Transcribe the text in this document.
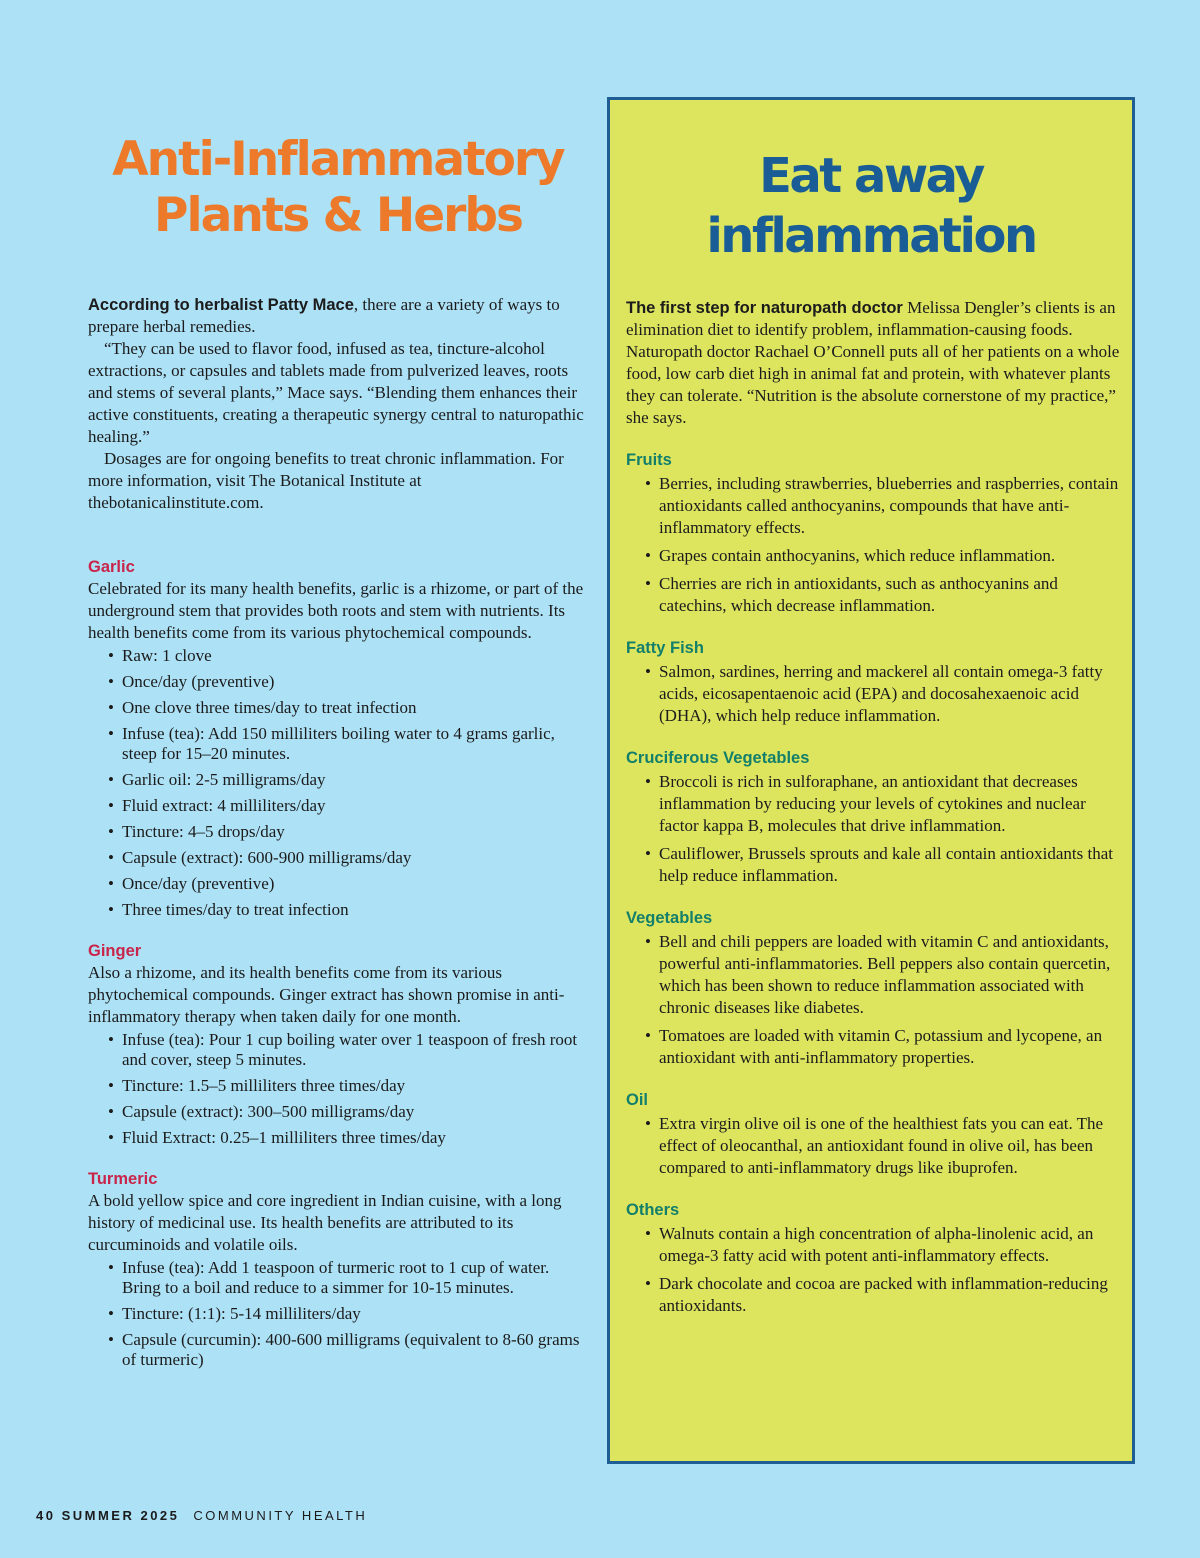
Anti-Inflammatory
Plants & Herbs

According to herbalist Patty Mace, there are a variety of ways to prepare herbal remedies.

“They can be used to flavor food, infused as tea, tincture-alcohol extractions, or capsules and tablets made from pulverized leaves, roots and stems of several plants,” Mace says. “Blending them enhances their active constituents, creating a therapeutic synergy central to naturopathic healing.”

Dosages are for ongoing benefits to treat chronic inflammation. For more information, visit The Botanical Institute at thebotanicalinstitute.com.

Garlic

Celebrated for its many health benefits, garlic is a rhizome, or part of the underground stem that provides both roots and stem with nutrients. Its health benefits come from its various phytochemical compounds.

• Raw: 1 clove
• Once/day (preventive)
• One clove three times/day to treat infection
• Infuse (tea): Add 150 milliliters boiling water to 4 grams garlic, steep for 15–20 minutes.
• Garlic oil: 2-5 milligrams/day
• Fluid extract: 4 milliliters/day
• Tincture: 4–5 drops/day
• Capsule (extract): 600-900 milligrams/day
• Once/day (preventive)
• Three times/day to treat infection
Ginger

Also a rhizome, and its health benefits come from its various phytochemical compounds. Ginger extract has shown promise in anti-inflammatory therapy when taken daily for one month.

• Infuse (tea): Pour 1 cup boiling water over 1 teaspoon of fresh root and cover, steep 5 minutes.
• Tincture: 1.5–5 milliliters three times/day
• Capsule (extract): 300–500 milligrams/day
• Fluid Extract: 0.25–1 milliliters three times/day
Turmeric

A bold yellow spice and core ingredient in Indian cuisine, with a long history of medicinal use. Its health benefits are attributed to its curcuminoids and volatile oils.

• Infuse (tea): Add 1 teaspoon of turmeric root to 1 cup of water. Bring to a boil and reduce to a simmer for 10-15 minutes.
• Tincture: (1:1): 5-14 milliliters/day
• Capsule (curcumin): 400-600 milligrams (equivalent to 8-60 grams of turmeric)
Eat away
inflammation

The first step for naturopath doctor Melissa Dengler’s clients is an elimination diet to identify problem, inflammation-causing foods. Naturopath doctor Rachael O’Connell puts all of her patients on a whole food, low carb diet high in animal fat and protein, with whatever plants they can tolerate. “Nutrition is the absolute cornerstone of my practice,” she says.

Fruits
• Berries, including strawberries, blueberries and raspberries, contain antioxidants called anthocyanins, compounds that have anti-inflammatory effects.
• Grapes contain anthocyanins, which reduce inflammation.
• Cherries are rich in antioxidants, such as anthocyanins and catechins, which decrease inflammation.
Fatty Fish
• Salmon, sardines, herring and mackerel all contain omega-3 fatty acids, eicosapentaenoic acid (EPA) and docosahexaenoic acid (DHA), which help reduce inflammation.
Cruciferous Vegetables
• Broccoli is rich in sulforaphane, an antioxidant that decreases inflammation by reducing your levels of cytokines and nuclear factor kappa B, molecules that drive inflammation.
• Cauliflower, Brussels sprouts and kale all contain antioxidants that help reduce inflammation.
Vegetables
• Bell and chili peppers are loaded with vitamin C and antioxidants, powerful anti-inflammatories. Bell peppers also contain quercetin, which has been shown to reduce inflammation associated with chronic diseases like diabetes.
• Tomatoes are loaded with vitamin C, potassium and lycopene, an antioxidant with anti-inflammatory properties.
Oil
• Extra virgin olive oil is one of the healthiest fats you can eat. The effect of oleocanthal, an antioxidant found in olive oil, has been compared to anti-inflammatory drugs like ibuprofen.
Others
• Walnuts contain a high concentration of alpha-linolenic acid, an omega-3 fatty acid with potent anti-inflammatory effects.
• Dark chocolate and cocoa are packed with inflammation-reducing antioxidants.
40 SUMMER 2025 COMMUNITY HEALTH
